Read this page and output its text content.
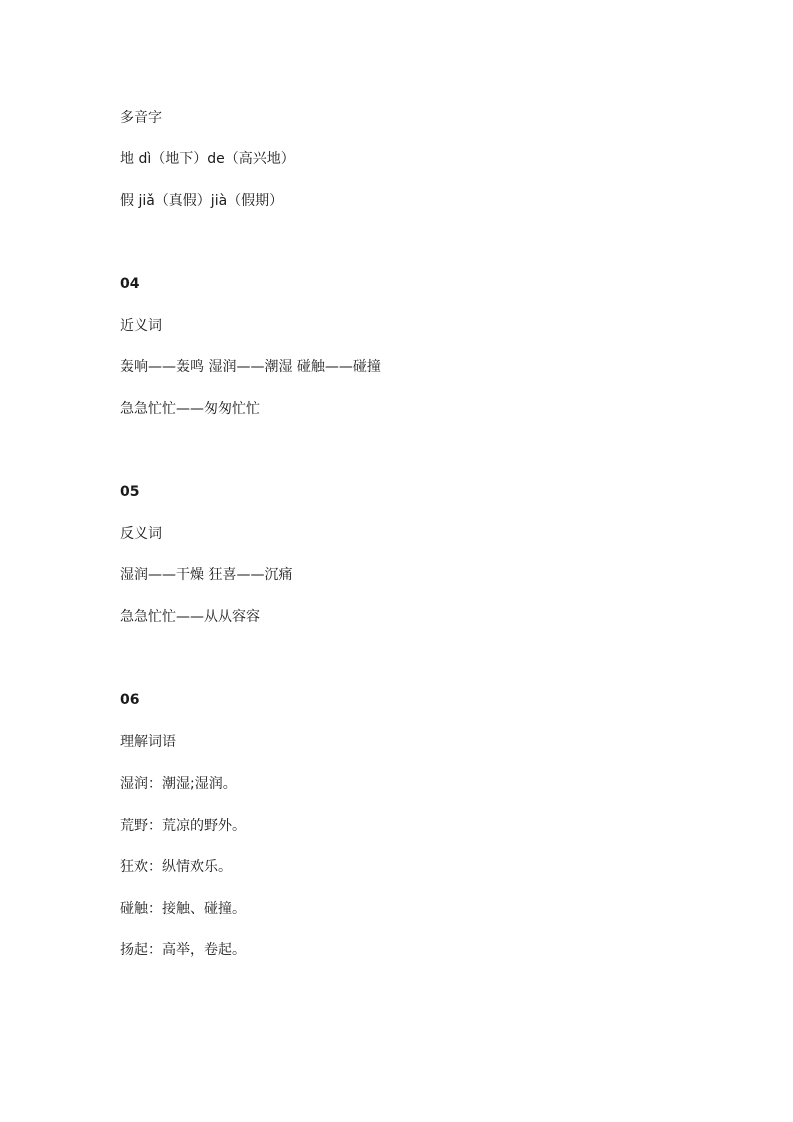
多音字
地 dì（地下）de（高兴地）
假 jiǎ（真假）jià（假期）
04
近义词
轰响——轰鸣 湿润——潮湿 碰触——碰撞
急急忙忙——匆匆忙忙
05
反义词
湿润——干燥 狂喜——沉痛
急急忙忙——从从容容
06
理解词语
湿润：潮湿;湿润。
荒野：荒凉的野外。
狂欢：纵情欢乐。
碰触：接触、碰撞。
扬起：高举，卷起。
